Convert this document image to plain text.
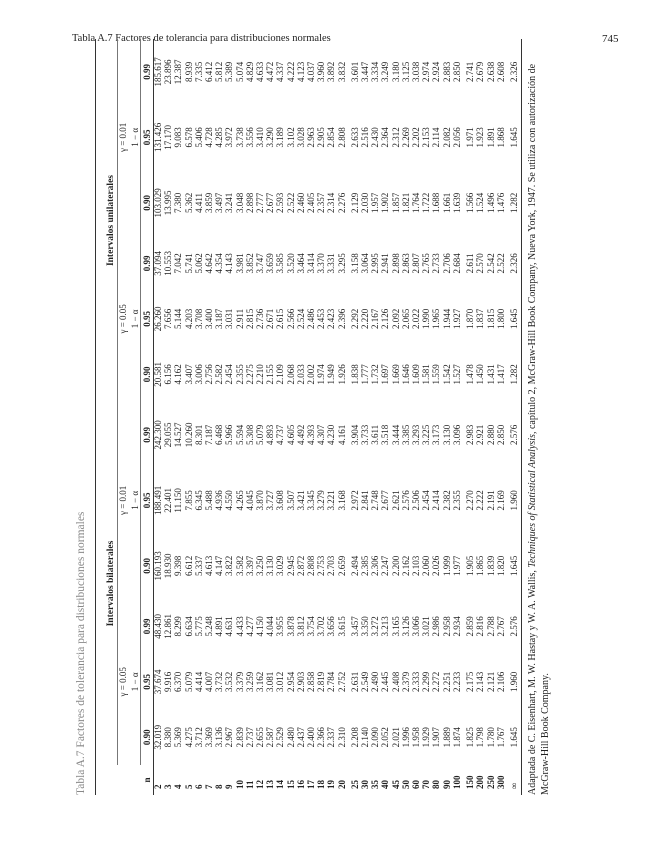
Tabla A.7 Factores de tolerancia para distribuciones normales	745
Tabla A.7 Factores de tolerancia para distribuciones normales
	Intervalos bilaterales						Intervalos unilaterales					
	γ = 0.05			γ = 0.01			γ = 0.05			γ = 0.01		
	1 − α			1 − α			1 − α			1 − α		
n	0.90	0.95	0.99	0.90	0.95	0.99	0.90	0.95	0.99	0.90	0.95	0.99
2	32.019	37.674	48.430	160.193	188.491	242.300	20.581	26.260	37.094	103.029	131.426	185.617
3	8.380	9.916	12.861	18.930	22.401	29.055	6.156	7.656	10.553	13.995	17.170	23.896
4	5.369	6.370	8.299	9.398	11.150	14.527	4.162	5.144	7.042	7.380	9.083	12.387
5	4.275	5.079	6.634	6.612	7.855	10.260	3.407	4.203	5.741	5.362	6.578	8.939
6	3.712	4.414	5.775	5.337	6.345	8.301	3.006	3.708	5.062	4.411	5.406	7.335
7	3.369	4.007	5.248	4.613	5.488	7.187	2.756	3.400	4.642	3.859	4.728	6.412
8	3.136	3.732	4.891	4.147	4.936	6.468	2.582	3.187	4.354	3.497	4.285	5.812
9	2.967	3.532	4.631	3.822	4.550	5.966	2.454	3.031	4.143	3.241	3.972	5.389
10	2.839	3.379	4.433	3.582	4.265	5.594	2.355	2.911	3.981	3.048	3.738	5.074
11	2.737	3.259	4.277	3.397	4.045	5.308	2.275	2.815	3.852	2.898	3.556	4.829
12	2.655	3.162	4.150	3.250	3.870	5.079	2.210	2.736	3.747	2.777	3.410	4.633
13	2.587	3.081	4.044	3.130	3.727	4.893	2.155	2.671	3.659	2.677	3.290	4.472
14	2.529	3.012	3.955	3.029	3.608	4.737	2.109	2.615	3.585	2.593	3.189	4.337
15	2.480	2.954	3.878	2.945	3.507	4.605	2.068	2.566	3.520	2.522	3.102	4.222
16	2.437	2.903	3.812	2.872	3.421	4.492	2.033	2.524	3.464	2.460	3.028	4.123
17	2.400	2.858	3.754	2.808	3.345	4.393	2.002	2.486	3.414	2.405	2.963	4.037
18	2.366	2.819	3.702	2.753	3.279	4.307	1.974	2.453	3.370	2.357	2.905	3.960
19	2.337	2.784	3.656	2.703	3.221	4.230	1.949	2.423	3.331	2.314	2.854	3.892
20	2.310	2.752	3.615	2.659	3.168	4.161	1.926	2.396	3.295	2.276	2.808	3.832
25	2.208	2.631	3.457	2.494	2.972	3.904	1.838	2.292	3.158	2.129	2.633	3.601
30	2.140	2.549	3.350	2.385	2.841	3.733	1.777	2.220	3.064	2.030	2.516	3.447
35	2.090	2.490	3.272	2.306	2.748	3.611	1.732	2.167	2.995	1.957	2.430	3.334
40	2.052	2.445	3.213	2.247	2.677	3.518	1.697	2.126	2.941	1.902	2.364	3.249
45	2.021	2.408	3.165	2.200	2.621	3.444	1.669	2.092	2.898	1.857	2.312	3.180
50	1.996	2.379	3.126	2.162	2.576	3.385	1.646	2.065	2.863	1.821	2.269	3.125
60	1.958	2.333	3.066	2.103	2.506	3.293	1.609	2.022	2.807	1.764	2.202	3.038
70	1.929	2.299	3.021	2.060	2.454	3.225	1.581	1.990	2.765	1.722	2.153	2.974
80	1.907	2.272	2.986	2.026	2.414	3.173	1.559	1.965	2.733	1.688	2.114	2.924
90	1.889	2.251	2.958	1.999	2.382	3.130	1.542	1.944	2.706	1.661	2.082	2.883
100	1.874	2.233	2.934	1.977	2.355	3.096	1.527	1.927	2.684	1.639	2.056	2.850
150	1.825	2.175	2.859	1.905	2.270	2.983	1.478	1.870	2.611	1.566	1.971	2.741
200	1.798	2.143	2.816	1.865	2.222	2.921	1.450	1.837	2.570	1.524	1.923	2.679
250	1.780	2.121	2.788	1.839	2.191	2.880	1.431	1.815	2.542	1.496	1.891	2.638
300	1.767	2.106	2.767	1.820	2.169	2.850	1.417	1.800	2.522	1.476	1.868	2.608
∞	1.645	1.960	2.576	1.645	1.960	2.576	1.282	1.645	2.326	1.282	1.645	2.326
Adaptada de C. Eisenhart, M. W. Hastay y W. A. Wallis, Techniques of Statistical Analysis, capítulo 2, McGraw-Hill Book Company, Nueva York, 1947. Se utiliza con autorización de McGraw-Hill Book Company.
